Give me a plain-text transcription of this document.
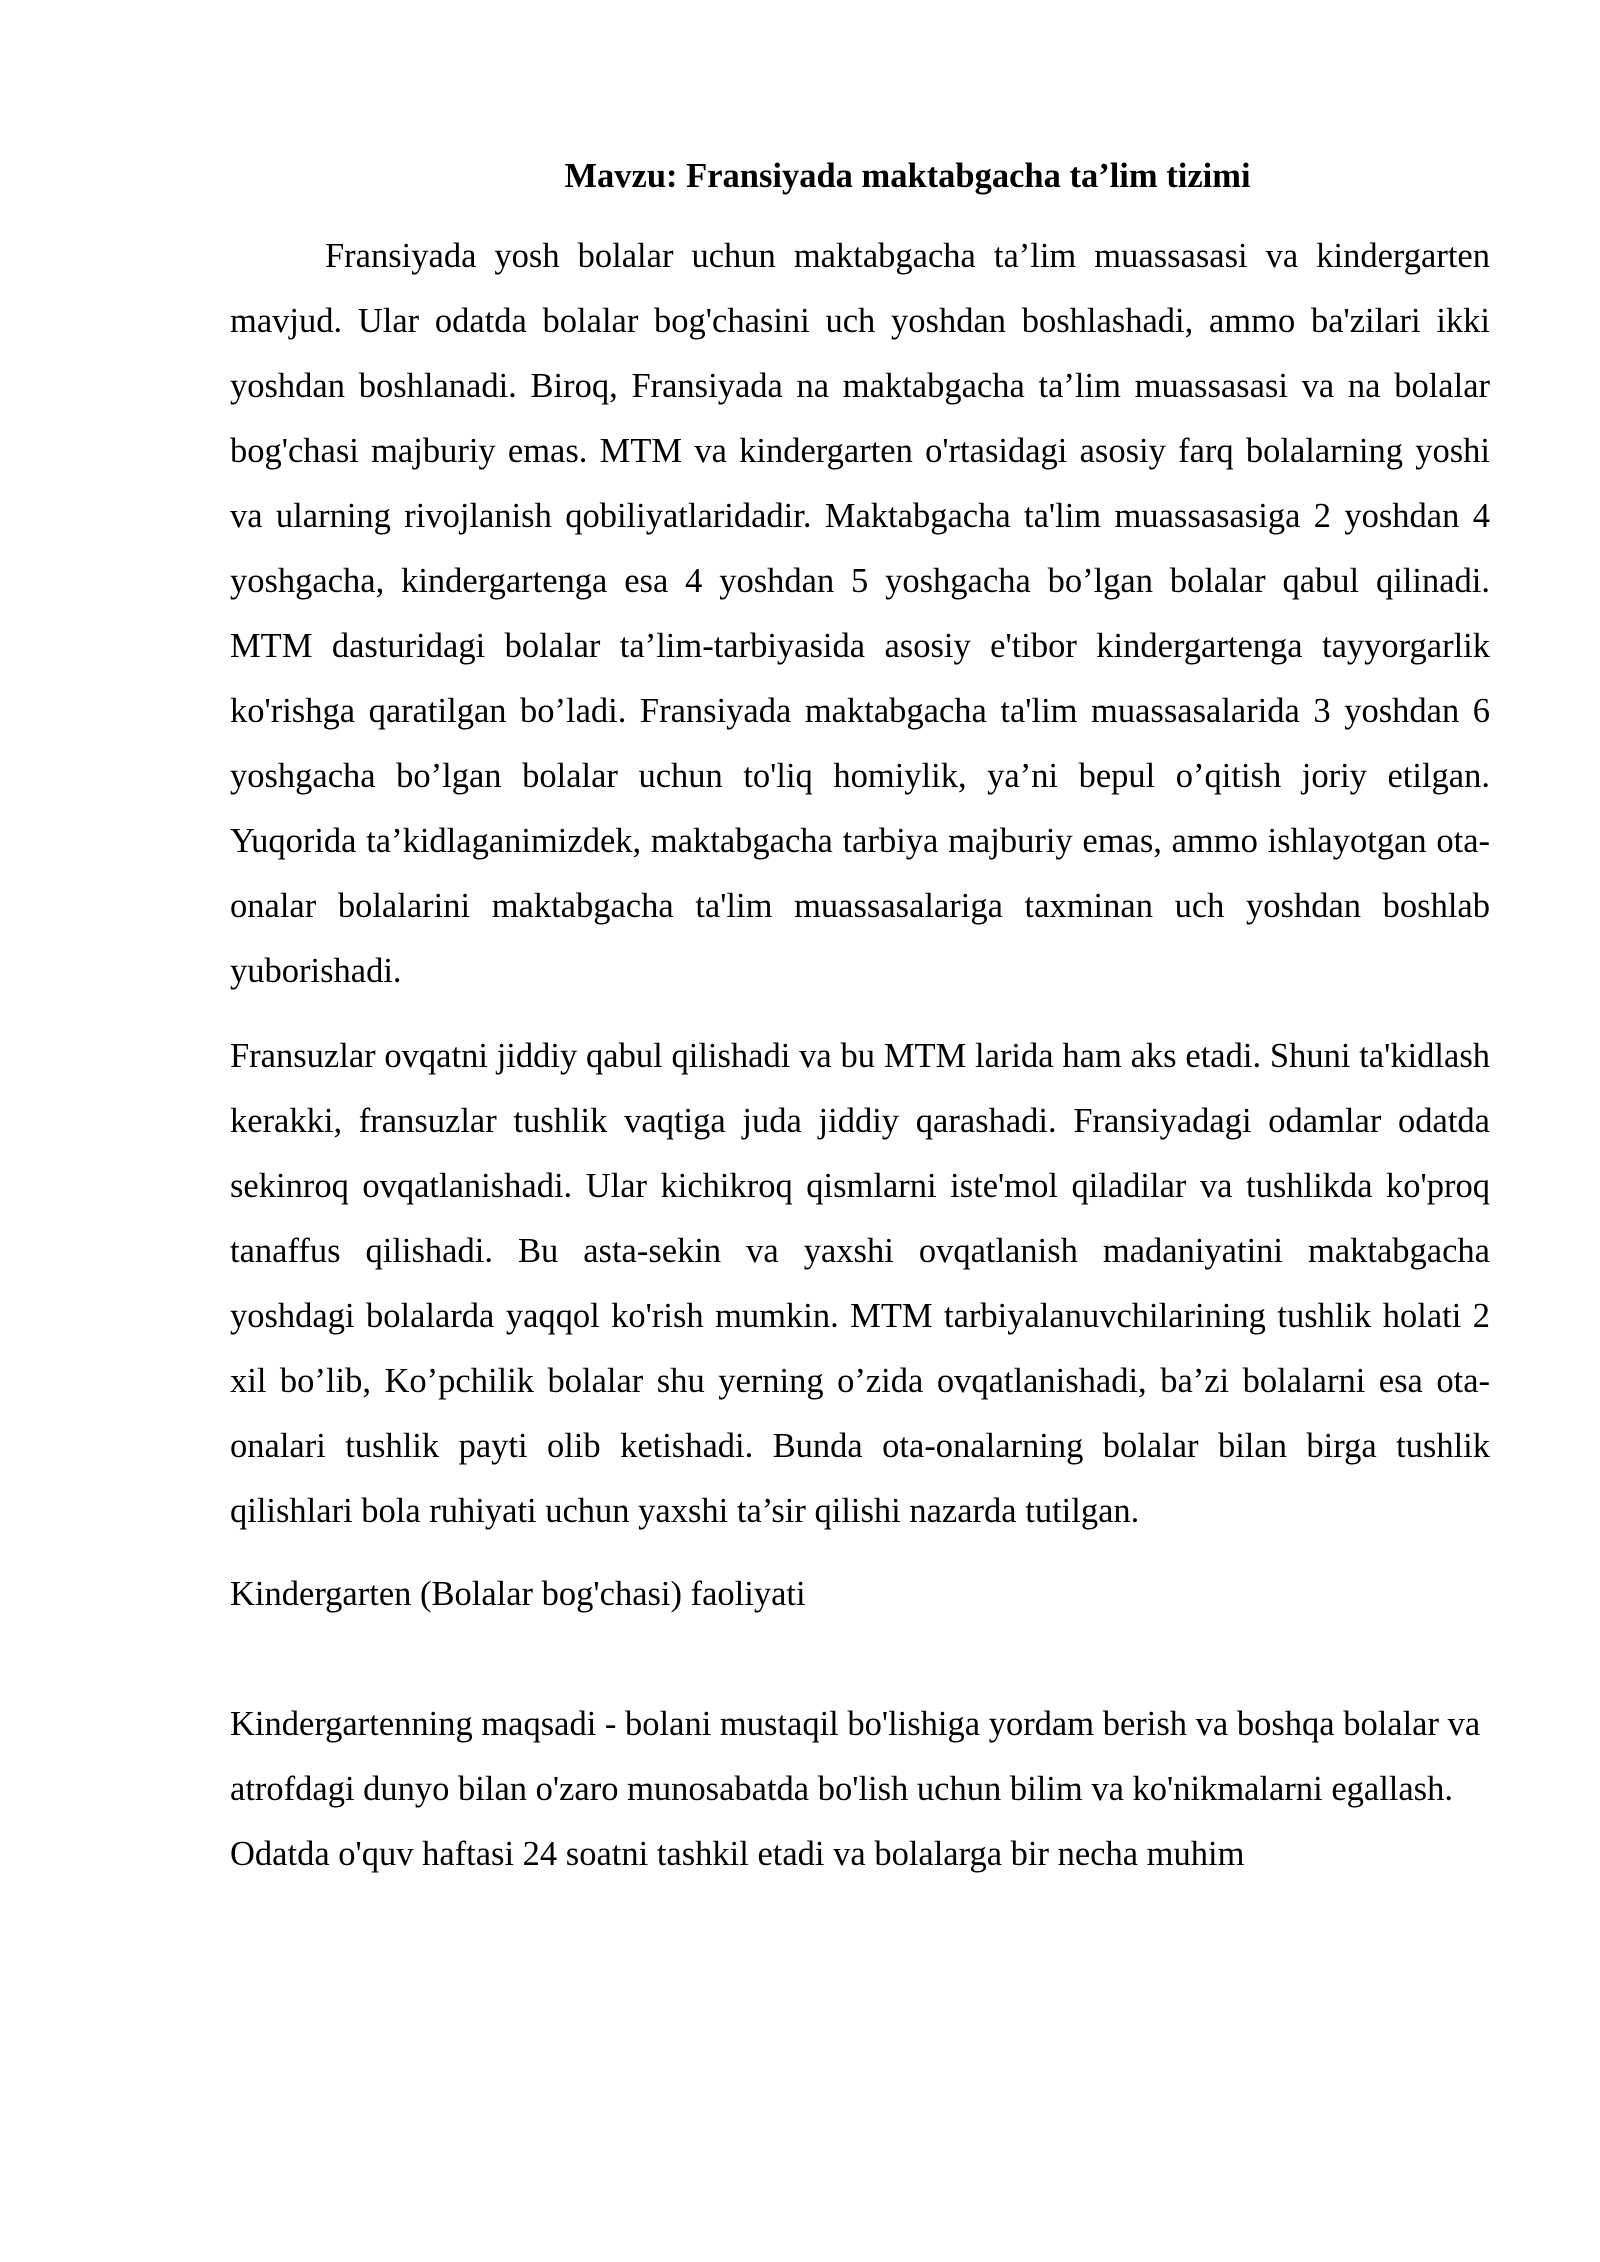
Mavzu: Fransiyada maktabgacha ta’lim tizimi

Fransiyada yosh bolalar uchun maktabgacha ta’lim muassasasi va kindergarten mavjud. Ular odatda bolalar bog'chasini uch yoshdan boshlashadi, ammo ba'zilari ikki yoshdan boshlanadi. Biroq, Fransiyada na maktabgacha ta’lim muassasasi va na bolalar bog'chasi majburiy emas. MTM va kindergarten o'rtasidagi asosiy farq bolalarning yoshi va ularning rivojlanish qobiliyatlaridadir. Maktabgacha ta'lim muassasasiga 2 yoshdan 4 yoshgacha, kindergartenga esa 4 yoshdan 5 yoshgacha bo’lgan bolalar qabul qilinadi. MTM dasturidagi bolalar ta’lim-tarbiyasida asosiy e'tibor kindergartenga tayyorgarlik ko'rishga qaratilgan bo’ladi. Fransiyada maktabgacha ta'lim muassasalarida 3 yoshdan 6 yoshgacha bo’lgan bolalar uchun to'liq homiylik, ya’ni bepul o’qitish joriy etilgan. Yuqorida ta’kidlaganimizdek, maktabgacha tarbiya majburiy emas, ammo ishlayotgan ota-onalar bolalarini maktabgacha ta'lim muassasalariga taxminan uch yoshdan boshlab yuborishadi.

Fransuzlar ovqatni jiddiy qabul qilishadi va bu MTM larida ham aks etadi. Shuni ta'kidlash kerakki, fransuzlar tushlik vaqtiga juda jiddiy qarashadi. Fransiyadagi odamlar odatda sekinroq ovqatlanishadi. Ular kichikroq qismlarni iste'mol qiladilar va tushlikda ko'proq tanaffus qilishadi. Bu asta-sekin va yaxshi ovqatlanish madaniyatini maktabgacha yoshdagi bolalarda yaqqol ko'rish mumkin. MTM tarbiyalanuvchilarining tushlik holati 2 xil bo’lib, Ko’pchilik bolalar shu yerning o’zida ovqatlanishadi, ba’zi bolalarni esa ota-onalari tushlik payti olib ketishadi. Bunda ota-onalarning bolalar bilan birga tushlik qilishlari bola ruhiyati uchun yaxshi ta’sir qilishi nazarda tutilgan.

Kindergarten (Bolalar bog'chasi) faoliyati

Kindergartenning maqsadi - bolani mustaqil bo'lishiga yordam berish va boshqa bolalar va atrofdagi dunyo bilan o'zaro munosabatda bo'lish uchun bilim va ko'nikmalarni egallash.

Odatda o'quv haftasi 24 soatni tashkil etadi va bolalarga bir necha muhim
